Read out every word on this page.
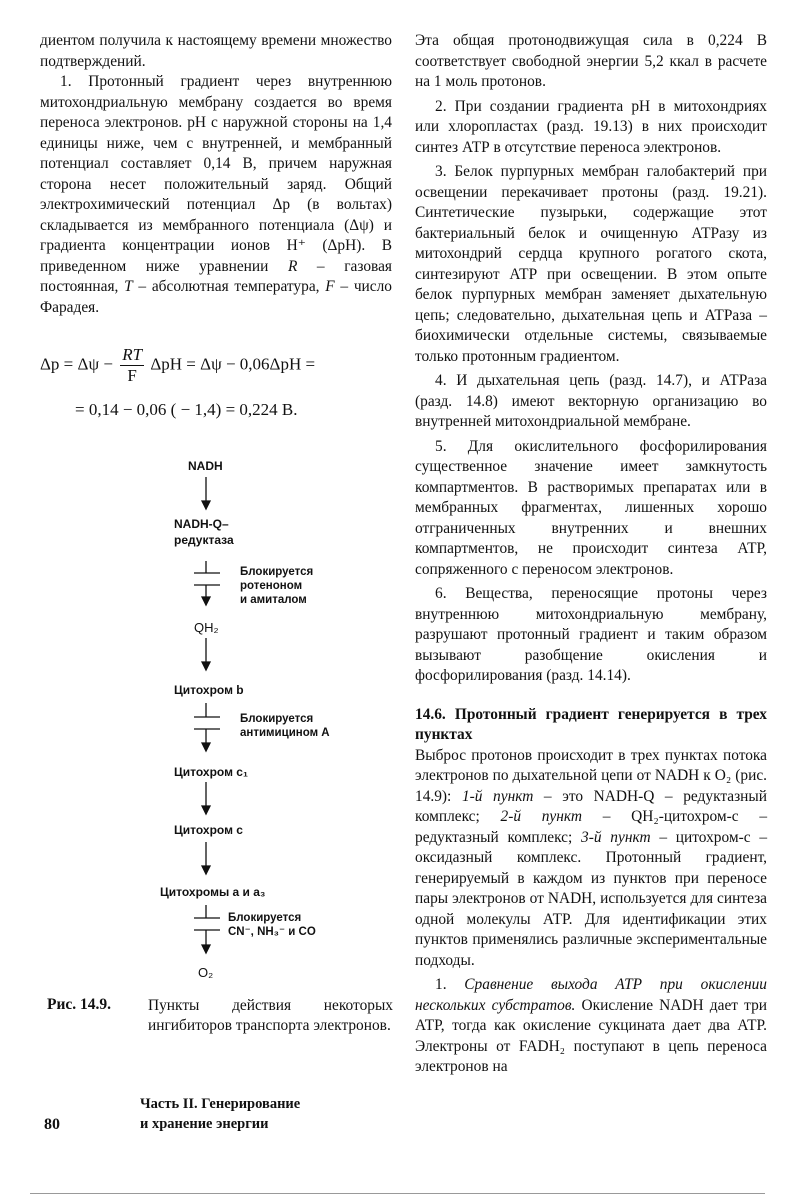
диентом получила к настоящему времени множество подтверждений.

1. Протонный градиент через внутреннюю митохондриальную мембрану создается во время переноса электронов. pH с наружной стороны на 1,4 единицы ниже, чем с внутренней, и мембранный потенциал составляет 0,14 В, причем наружная сторона несет положительный заряд. Общий электрохимический потенциал Δp (в вольтах) складывается из мембранного потенциала (Δψ) и градиента концентрации ионов H⁺ (ΔpH). В приведенном ниже уравнении R – газовая постоянная, T – абсолютная температура, F – число Фарадея.

$\Delta p = \Delta\psi - \frac{RT}{F}$ ΔpH = Δψ − 0,06ΔpH =
= 0,14 − 0,06 ( − 1,4) = 0,224 В.
NADH
NADH-Q–
редуктаза
Блокируется
ротеноном
и амиталом
QH₂
Цитохром b
Блокируется
антимицином А
Цитохром c₁
Цитохром c
Цитохромы a и a₃
Блокируется
CN⁻, NH₃⁻ и CO
O₂
Рис. 14.9. Пункты действия некоторых ингибиторов транспорта электронов.
Часть II. Генерирование
и хранение энергии
80

Эта общая протонодвижущая сила в 0,224 В соответствует свободной энергии 5,2 ккал в расчете на 1 моль протонов.

2. При создании градиента pH в митохондриях или хлоропластах (разд. 19.13) в них происходит синтез АТР в отсутствие переноса электронов.

3. Белок пурпурных мембран галобактерий при освещении перекачивает протоны (разд. 19.21). Синтетические пузырьки, содержащие этот бактериальный белок и очищенную АТРазу из митохондрий сердца крупного рогатого скота, синтезируют АТР при освещении. В этом опыте белок пурпурных мембран заменяет дыхательную цепь; следовательно, дыхательная цепь и АТРаза – биохимически отдельные системы, связываемые только протонным градиентом.

4. И дыхательная цепь (разд. 14.7), и АТРаза (разд. 14.8) имеют векторную организацию во внутренней митохондриальной мембране.

5. Для окислительного фосфорилирования существенное значение имеет замкнутость компартментов. В растворимых препаратах или в мембранных фрагментах, лишенных хорошо отграниченных внутренних и внешних компартментов, не происходит синтеза АТР, сопряженного с переносом электронов.

6. Вещества, переносящие протоны через внутреннюю митохондриальную мембрану, разрушают протонный градиент и таким образом вызывают разобщение окисления и фосфорилирования (разд. 14.14).

14.6. Протонный градиент генерируется в трех пунктах

Выброс протонов происходит в трех пунктах потока электронов по дыхательной цепи от NADH к O₂ (рис. 14.9): 1-й пункт – это NADH-Q – редуктазный комплекс; 2-й пункт – QH₂-цитохром-c – редуктазный комплекс; 3-й пункт – цитохром-c – оксидазный комплекс. Протонный градиент, генерируемый в каждом из пунктов при переносе пары электронов от NADH, используется для синтеза одной молекулы АТР. Для идентификации этих пунктов применялись различные экспериментальные подходы.

1. Сравнение выхода АТР при окислении нескольких субстратов. Окисление NADH дает три АТР, тогда как окисление сукцината дает два АТР. Электроны от FADH₂ поступают в цепь переноса электронов на
